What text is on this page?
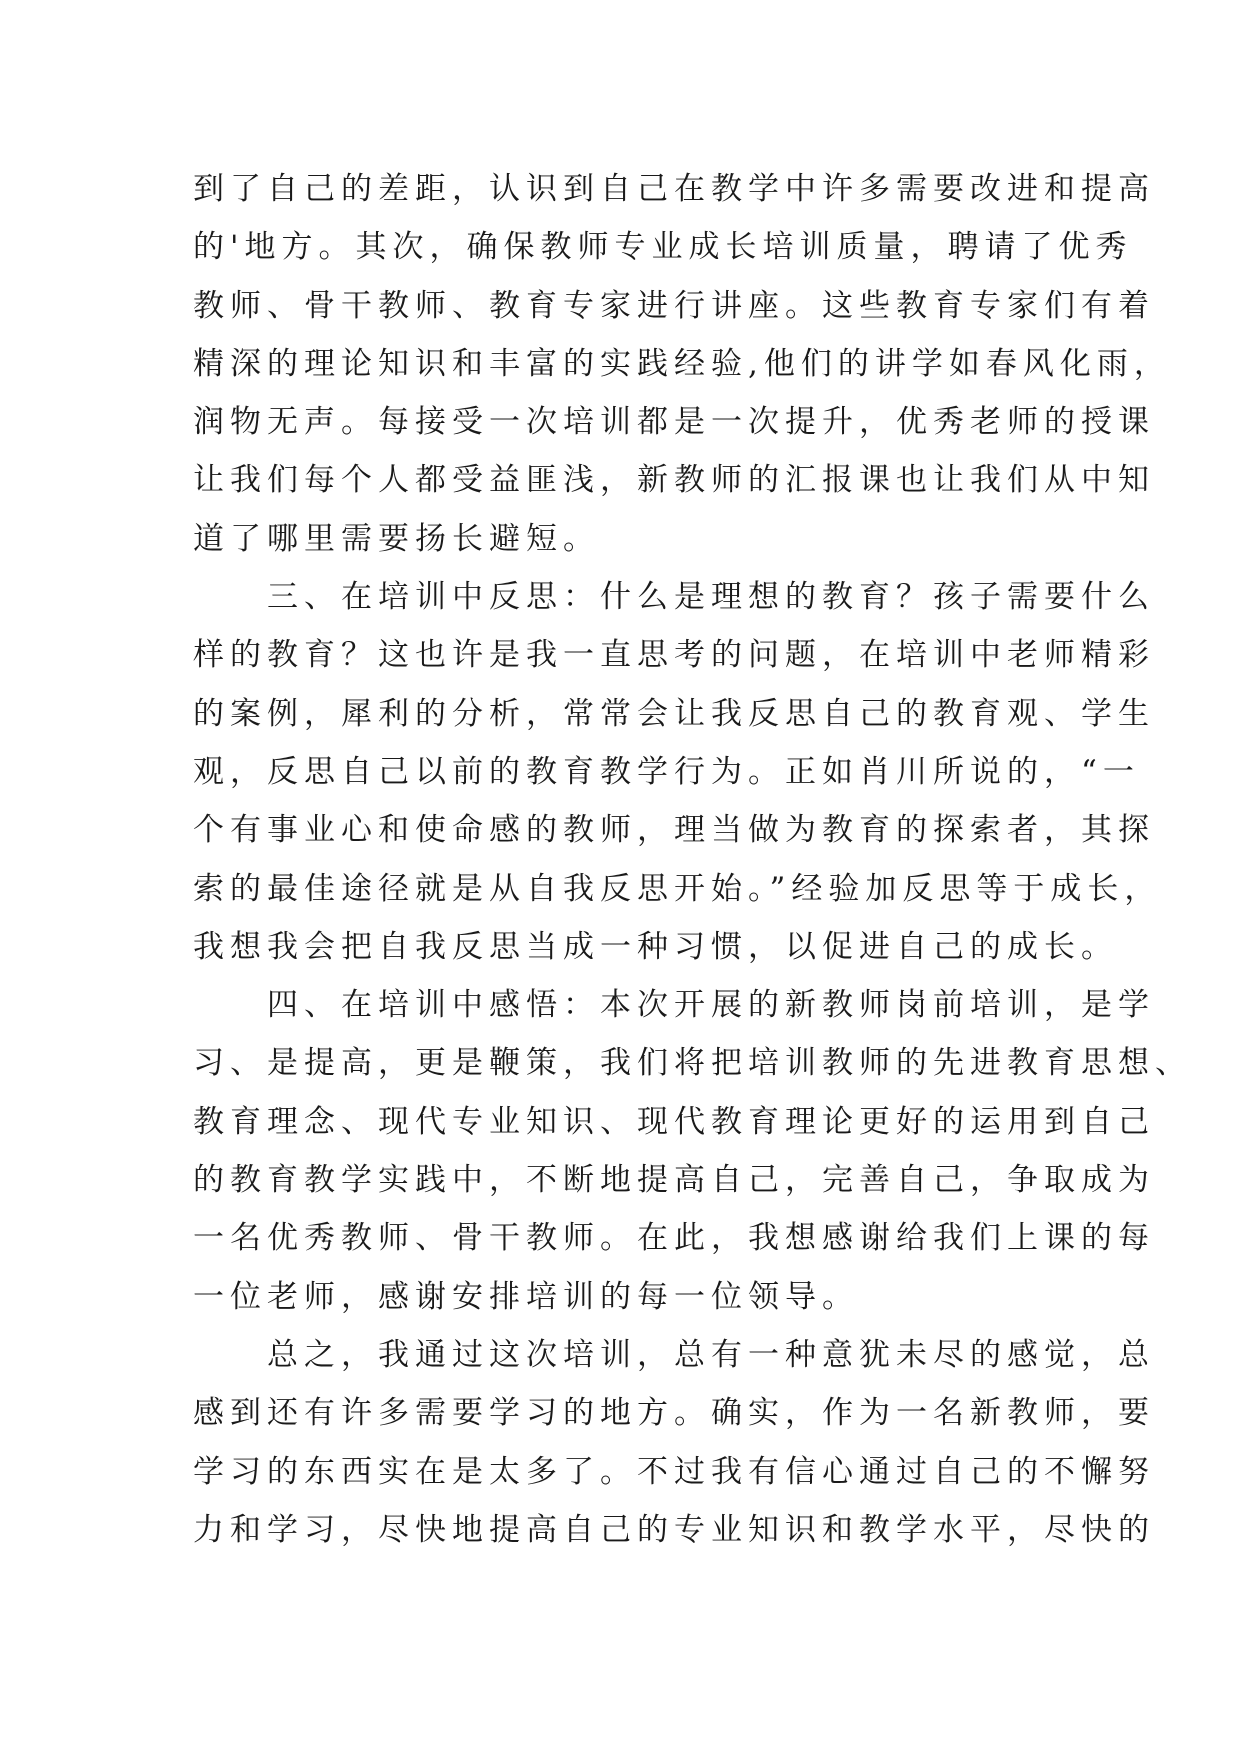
到了自己的差距，认识到自己在教学中许多需要改进和提高
的'地方。其次，确保教师专业成长培训质量，聘请了优秀
教师、骨干教师、教育专家进行讲座。这些教育专家们有着
精深的理论知识和丰富的实践经验,他们的讲学如春风化雨，
润物无声。每接受一次培训都是一次提升，优秀老师的授课
让我们每个人都受益匪浅，新教师的汇报课也让我们从中知
道了哪里需要扬长避短。
　　三、在培训中反思：什么是理想的教育？孩子需要什么
样的教育？这也许是我一直思考的问题，在培训中老师精彩
的案例，犀利的分析，常常会让我反思自己的教育观、学生
观，反思自己以前的教育教学行为。正如肖川所说的，“一
个有事业心和使命感的教师，理当做为教育的探索者，其探
索的最佳途径就是从自我反思开始。”经验加反思等于成长，
我想我会把自我反思当成一种习惯，以促进自己的成长。
　　四、在培训中感悟：本次开展的新教师岗前培训，是学
习、是提高，更是鞭策，我们将把培训教师的先进教育思想、
教育理念、现代专业知识、现代教育理论更好的运用到自己
的教育教学实践中，不断地提高自己，完善自己，争取成为
一名优秀教师、骨干教师。在此，我想感谢给我们上课的每
一位老师，感谢安排培训的每一位领导。
　　总之，我通过这次培训，总有一种意犹未尽的感觉，总
感到还有许多需要学习的地方。确实，作为一名新教师，要
学习的东西实在是太多了。不过我有信心通过自己的不懈努
力和学习，尽快地提高自己的专业知识和教学水平，尽快的
